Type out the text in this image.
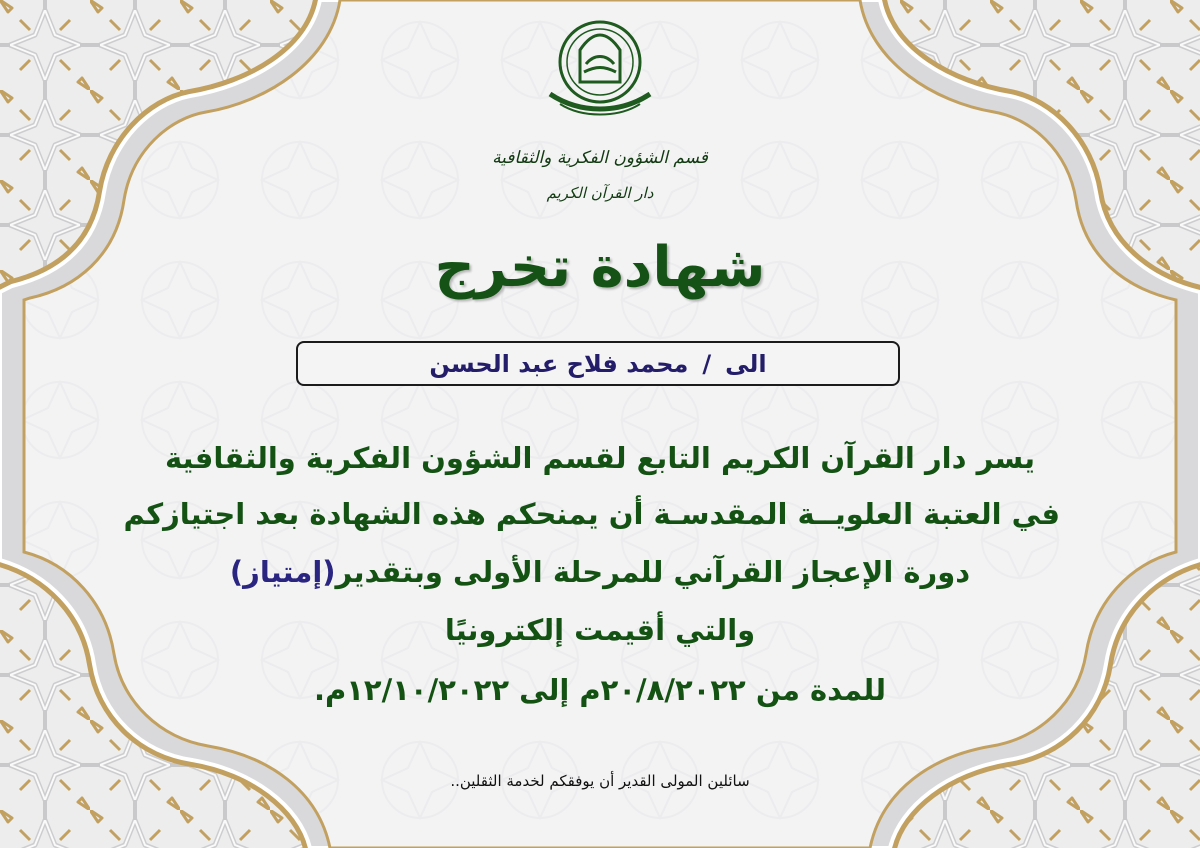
قسم الشؤون الفكرية والثقافية
دار القرآن الكريم
شهادة تخرج
الى
/
محمد فلاح عبد الحسن
يسر دار القرآن الكريم التابع لقسم الشؤون الفكرية والثقافية
في العتبة العلويــة المقدسـة أن يمنحكم هذه الشهادة بعد اجتيازكم
دورة الإعجاز القرآني للمرحلة الأولى وبتقدير(إمتياز)
والتي أقيمت إلكترونيًا
للمدة من ٢٠/٨/٢٠٢٢م إلى ١٢/١٠/٢٠٢٢م.
سائلين المولى القدير أن يوفقكم لخدمة الثقلين..
